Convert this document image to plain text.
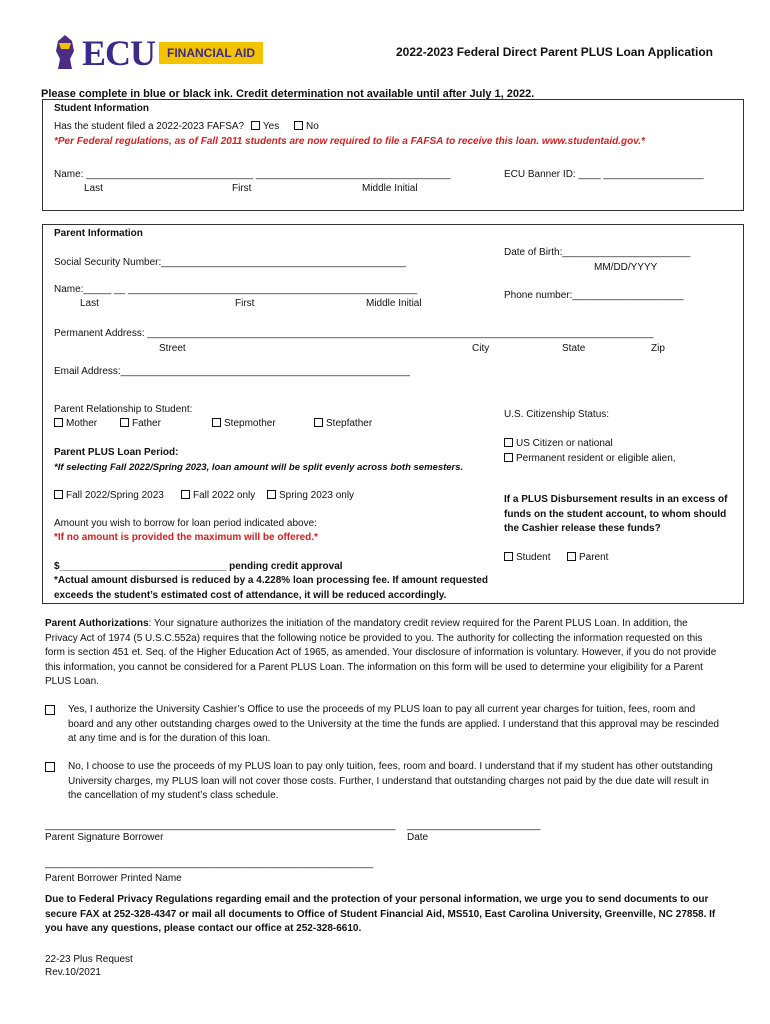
ECU	FINANCIAL AID	2022-2023 Federal Direct Parent PLUS Loan Application
Please complete in blue or black ink. Credit determination not available until after July 1, 2022.
Student Information
Has the student filed a 2022-2023 FAFSA? Yes	No
*Per Federal regulations, as of Fall 2011 students are now required to file a FAFSA to receive this loan. www.studentaid.gov.*
Name: ______________________________ ___________________________________	ECU Banner ID: ____ __________________
Last	First	Middle Initial
Parent Information
Date of Birth:_______________________
MM/DD/YYYY
Social Security Number:____________________________________________
Name:_____ __ ____________________________________________________
Phone number:____________________
Last	First	Middle Initial
Permanent Address: ___________________________________________________________________________________________
Street	City	State	Zip
Email Address:____________________________________________________
Parent Relationship to Student:
Mother	Father	Stepmother	Stepfather
U.S. Citizenship Status:
US Citizen or national
Permanent resident or eligible alien,
Parent PLUS Loan Period:
*If selecting Fall 2022/Spring 2023, loan amount will be split evenly across both semesters.
Fall 2022/Spring 2023	Fall 2022 only	Spring 2023 only	If a PLUS Disbursement results in an excess of funds on the student account, to whom should the Cashier release these funds?
Student	Parent
Amount you wish to borrow for loan period indicated above:
*If no amount is provided the maximum will be offered.*
$______________________________ pending credit approval
*Actual amount disbursed is reduced by a 4.228% loan processing fee. If amount requested exceeds the student’s estimated cost of attendance, it will be reduced accordingly.
Parent Authorizations: Your signature authorizes the initiation of the mandatory credit review required for the Parent PLUS Loan. In addition, the Privacy Act of 1974 (5 U.S.C.552a) requires that the following notice be provided to you. The authority for collecting the information requested on this form is section 451 et. Seq. of the Higher Education Act of 1965, as amended. Your disclosure of information is voluntary. However, if you do not provide this information, you cannot be considered for a Parent PLUS Loan. The information on this form will be used to determine your eligibility for a Parent PLUS Loan.
Yes, I authorize the University Cashier’s Office to use the proceeds of my PLUS loan to pay all current year charges for tuition, fees, room and board and any other outstanding charges owed to the University at the time the funds are applied. I understand that this approval may be rescinded at any time and is for the duration of this loan.
No, I choose to use the proceeds of my PLUS loan to pay only tuition, fees, room and board. I understand that if my student has other outstanding University charges, my PLUS loan will not cover those costs. Further, I understand that outstanding charges not paid by the due date will result in the cancellation of my student’s class schedule.
_______________________________________________________________ ________________________
Parent Signature Borrower	Date
___________________________________________________________
Parent Borrower Printed Name
Due to Federal Privacy Regulations regarding email and the protection of your personal information, we urge you to send documents to our secure FAX at 252-328-4347 or mail all documents to Office of Student Financial Aid, MS510, East Carolina University, Greenville, NC 27858. If you have any questions, please contact our office at 252-328-6610.
22-23 Plus Request
Rev.10/2021
